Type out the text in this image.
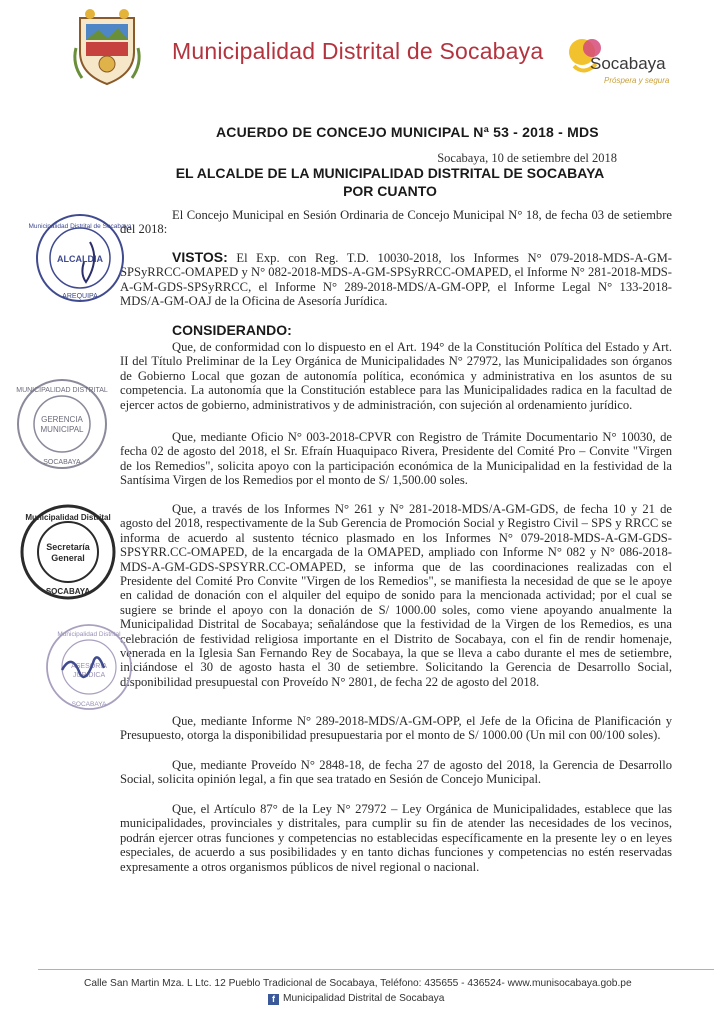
Municipalidad Distrital de Socabaya	Socabaya
Próspera y segura
ACUERDO DE CONCEJO MUNICIPAL Nª 53 - 2018 - MDS
Socabaya, 10 de setiembre del 2018
EL ALCALDE DE LA MUNICIPALIDAD DISTRITAL DE SOCABAYA
POR CUANTO
El Concejo Municipal en Sesión Ordinaria de Concejo Municipal N° 18, de fecha 03 de setiembre del 2018:
VISTOS: El Exp. con Reg. T.D. 10030-2018, los Informes N° 079-2018-MDS-A-GM-SPSyRRCC-OMAPED y N° 082-2018-MDS-A-GM-SPSyRRCC-OMAPED, el Informe N° 281-2018-MDS-A-GM-GDS-SPSyRRCC, el Informe N° 289-2018-MDS/A-GM-OPP, el Informe Legal N° 133-2018-MDS/A-GM-OAJ de la Oficina de Asesoría Jurídica.
CONSIDERANDO:
Que, de conformidad con lo dispuesto en el Art. 194° de la Constitución Política del Estado y Art. II del Título Preliminar de la Ley Orgánica de Municipalidades N° 27972, las Municipalidades son órganos de Gobierno Local que gozan de autonomía política, económica y administrativa en los asuntos de su competencia. La autonomía que la Constitución establece para las Municipalidades radica en la facultad de ejercer actos de gobierno, administrativos y de administración, con sujeción al ordenamiento jurídico.
Que, mediante Oficio N° 003-2018-CPVR con Registro de Trámite Documentario N° 10030, de fecha 02 de agosto del 2018, el Sr. Efraín Huaquipaco Rivera, Presidente del Comité Pro – Convite "Virgen de los Remedios", solicita apoyo con la participación económica de la Municipalidad en la festividad de la Santísima Virgen de los Remedios por el monto de S/ 1,500.00 soles.
Que, a través de los Informes N° 261 y N° 281-2018-MDS/A-GM-GDS, de fecha 10 y 21 de agosto del 2018, respectivamente de la Sub Gerencia de Promoción Social y Registro Civil – SPS y RRCC se informa de acuerdo al sustento técnico plasmado en los Informes N° 079-2018-MDS-A-GM-GDS-SPSYRR.CC-OMAPED, de la encargada de la OMAPED, ampliado con Informe N° 082 y N° 086-2018-MDS-A-GM-GDS-SPSYRR.CC-OMAPED, se informa que de las coordinaciones realizadas con el Presidente del Comité Pro Convite "Virgen de los Remedios", se manifiesta la necesidad de que se le apoye en calidad de donación con el alquiler del equipo de sonido para la mencionada actividad; por el cual se sugiere se brinde el apoyo con la donación de S/ 1000.00 soles, como viene apoyando anualmente la Municipalidad Distrital de Socabaya; señalándose que la festividad de la Virgen de los Remedios, es una celebración de festividad religiosa importante en el Distrito de Socabaya, con el fin de rendir homenaje, venerada en la Iglesia San Fernando Rey de Socabaya, la que se lleva a cabo durante el mes de setiembre, iniciándose el 30 de agosto hasta el 30 de setiembre. Solicitando la Gerencia de Desarrollo Social, disponibilidad presupuestal con Proveído N° 2801, de fecha 22 de agosto del 2018.
Que, mediante Informe N° 289-2018-MDS/A-GM-OPP, el Jefe de la Oficina de Planificación y Presupuesto, otorga la disponibilidad presupuestaria por el monto de S/ 1000.00 (Un mil con 00/100 soles).
Que, mediante Proveído N° 2848-18, de fecha 27 de agosto del 2018, la Gerencia de Desarrollo Social, solicita opinión legal, a fin que sea tratado en Sesión de Concejo Municipal.
Que, el Artículo 87° de la Ley N° 27972 – Ley Orgánica de Municipalidades, establece que las municipalidades, provinciales y distritales, para cumplir su fin de atender las necesidades de los vecinos, podrán ejercer otras funciones y competencias no establecidas específicamente en la presente ley o en leyes especiales, de acuerdo a sus posibilidades y en tanto dichas funciones y competencias no estén reservadas expresamente a otros organismos públicos de nivel regional o nacional.
Municipalidad Distrital de Socabaya
ALCALDIA
AREQUIPA
MUNICIPALIDAD DISTRITAL
GERENCIA
MUNICIPAL
SOCABAYA
Municipalidad Distrital
Secretaría
General
SOCABAYA
Municipalidad Distrital
ASESORIA
JURIDICA
SOCABAYA
Calle San Martin Mza. L Ltc. 12 Pueblo Tradicional de Socabaya, Teléfono: 435655 - 436524- www.munisocabaya.gob.pe
f Municipalidad Distrital de Socabaya
